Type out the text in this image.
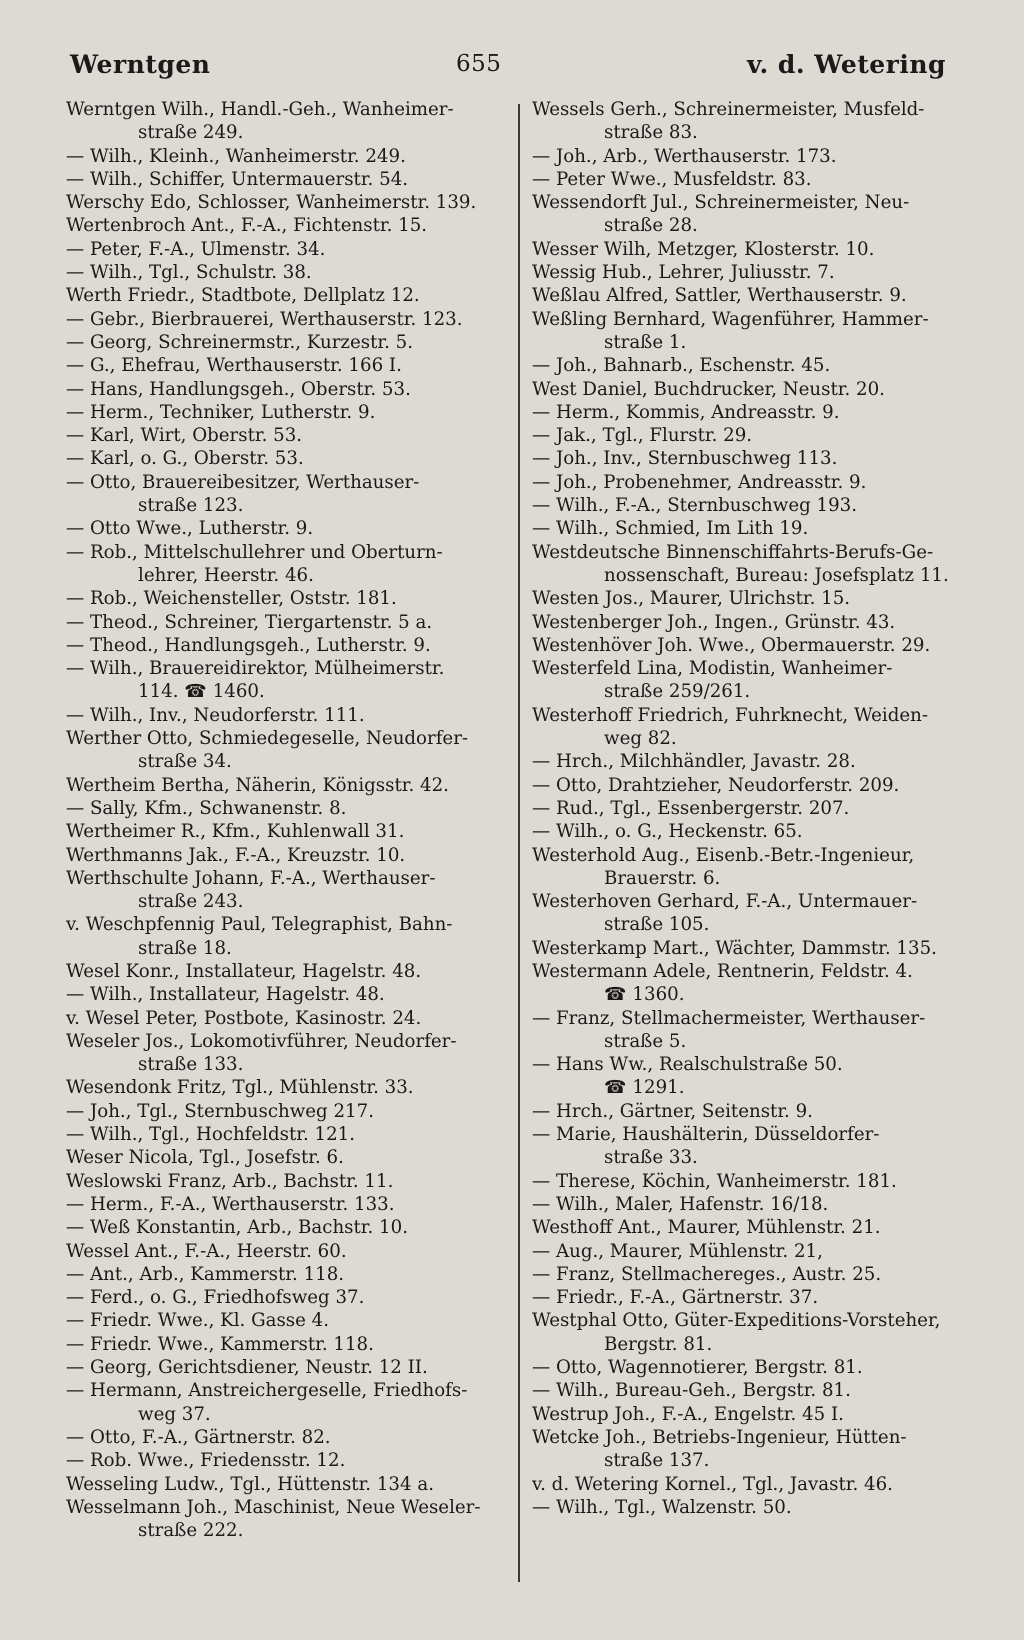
Werntgen	655	v. d. Wetering
Werntgen Wilh., Handl.-Geh., Wanheimer-
straße 249.
— Wilh., Kleinh., Wanheimerstr. 249.
— Wilh., Schiffer, Untermauerstr. 54.
Werschy Edo, Schlosser, Wanheimerstr. 139.
Wertenbroch Ant., F.-A., Fichtenstr. 15.
— Peter, F.-A., Ulmenstr. 34.
— Wilh., Tgl., Schulstr. 38.
Werth Friedr., Stadtbote, Dellplatz 12.
— Gebr., Bierbrauerei, Werthauserstr. 123.
— Georg, Schreinermstr., Kurzestr. 5.
— G., Ehefrau, Werthauserstr. 166 I.
— Hans, Handlungsgeh., Oberstr. 53.
— Herm., Techniker, Lutherstr. 9.
— Karl, Wirt, Oberstr. 53.
— Karl, o. G., Oberstr. 53.
— Otto, Brauereibesitzer, Werthauser-
straße 123.
— Otto Wwe., Lutherstr. 9.
— Rob., Mittelschullehrer und Oberturn-
lehrer, Heerstr. 46.
— Rob., Weichensteller, Oststr. 181.
— Theod., Schreiner, Tiergartenstr. 5 a.
— Theod., Handlungsgeh., Lutherstr. 9.
— Wilh., Brauereidirektor, Mülheimerstr.
114. ☎ 1460.
— Wilh., Inv., Neudorferstr. 111.
Werther Otto, Schmiedegeselle, Neudorfer-
straße 34.
Wertheim Bertha, Näherin, Königsstr. 42.
— Sally, Kfm., Schwanenstr. 8.
Wertheimer R., Kfm., Kuhlenwall 31.
Werthmanns Jak., F.-A., Kreuzstr. 10.
Werthschulte Johann, F.-A., Werthauser-
straße 243.
v. Weschpfennig Paul, Telegraphist, Bahn-
straße 18.
Wesel Konr., Installateur, Hagelstr. 48.
— Wilh., Installateur, Hagelstr. 48.
v. Wesel Peter, Postbote, Kasinostr. 24.
Weseler Jos., Lokomotivführer, Neudorfer-
straße 133.
Wesendonk Fritz, Tgl., Mühlenstr. 33.
— Joh., Tgl., Sternbuschweg 217.
— Wilh., Tgl., Hochfeldstr. 121.
Weser Nicola, Tgl., Josefstr. 6.
Weslowski Franz, Arb., Bachstr. 11.
— Herm., F.-A., Werthauserstr. 133.
— Weß Konstantin, Arb., Bachstr. 10.
Wessel Ant., F.-A., Heerstr. 60.
— Ant., Arb., Kammerstr. 118.
— Ferd., o. G., Friedhofsweg 37.
— Friedr. Wwe., Kl. Gasse 4.
— Friedr. Wwe., Kammerstr. 118.
— Georg, Gerichtsdiener, Neustr. 12 II.
— Hermann, Anstreichergeselle, Friedhofs-
weg 37.
— Otto, F.-A., Gärtnerstr. 82.
— Rob. Wwe., Friedensstr. 12.
Wesseling Ludw., Tgl., Hüttenstr. 134 a.
Wesselmann Joh., Maschinist, Neue Weseler-
straße 222.
Wessels Gerh., Schreinermeister, Musfeld-
straße 83.
— Joh., Arb., Werthauserstr. 173.
— Peter Wwe., Musfeldstr. 83.
Wessendorft Jul., Schreinermeister, Neu-
straße 28.
Wesser Wilh, Metzger, Klosterstr. 10.
Wessig Hub., Lehrer, Juliusstr. 7.
Weßlau Alfred, Sattler, Werthauserstr. 9.
Weßling Bernhard, Wagenführer, Hammer-
straße 1.
— Joh., Bahnarb., Eschenstr. 45.
West Daniel, Buchdrucker, Neustr. 20.
— Herm., Kommis, Andreasstr. 9.
— Jak., Tgl., Flurstr. 29.
— Joh., Inv., Sternbuschweg 113.
— Joh., Probenehmer, Andreasstr. 9.
— Wilh., F.-A., Sternbuschweg 193.
— Wilh., Schmied, Im Lith 19.
Westdeutsche Binnenschiffahrts-Berufs-Ge-
nossenschaft, Bureau: Josefsplatz 11.
Westen Jos., Maurer, Ulrichstr. 15.
Westenberger Joh., Ingen., Grünstr. 43.
Westenhöver Joh. Wwe., Obermauerstr. 29.
Westerfeld Lina, Modistin, Wanheimer-
straße 259/261.
Westerhoff Friedrich, Fuhrknecht, Weiden-
weg 82.
— Hrch., Milchhändler, Javastr. 28.
— Otto, Drahtzieher, Neudorferstr. 209.
— Rud., Tgl., Essenbergerstr. 207.
— Wilh., o. G., Heckenstr. 65.
Westerhold Aug., Eisenb.-Betr.-Ingenieur,
Brauerstr. 6.
Westerhoven Gerhard, F.-A., Untermauer-
straße 105.
Westerkamp Mart., Wächter, Dammstr. 135.
Westermann Adele, Rentnerin, Feldstr. 4.
☎ 1360.
— Franz, Stellmachermeister, Werthauser-
straße 5.
— Hans Ww., Realschulstraße 50.
☎ 1291.
— Hrch., Gärtner, Seitenstr. 9.
— Marie, Haushälterin, Düsseldorfer-
straße 33.
— Therese, Köchin, Wanheimerstr. 181.
— Wilh., Maler, Hafenstr. 16/18.
Westhoff Ant., Maurer, Mühlenstr. 21.
— Aug., Maurer, Mühlenstr. 21,
— Franz, Stellmachereges., Austr. 25.
— Friedr., F.-A., Gärtnerstr. 37.
Westphal Otto, Güter-Expeditions-Vorsteher,
Bergstr. 81.
— Otto, Wagennotierer, Bergstr. 81.
— Wilh., Bureau-Geh., Bergstr. 81.
Westrup Joh., F.-A., Engelstr. 45 I.
Wetcke Joh., Betriebs-Ingenieur, Hütten-
straße 137.
v. d. Wetering Kornel., Tgl., Javastr. 46.
— Wilh., Tgl., Walzenstr. 50.
